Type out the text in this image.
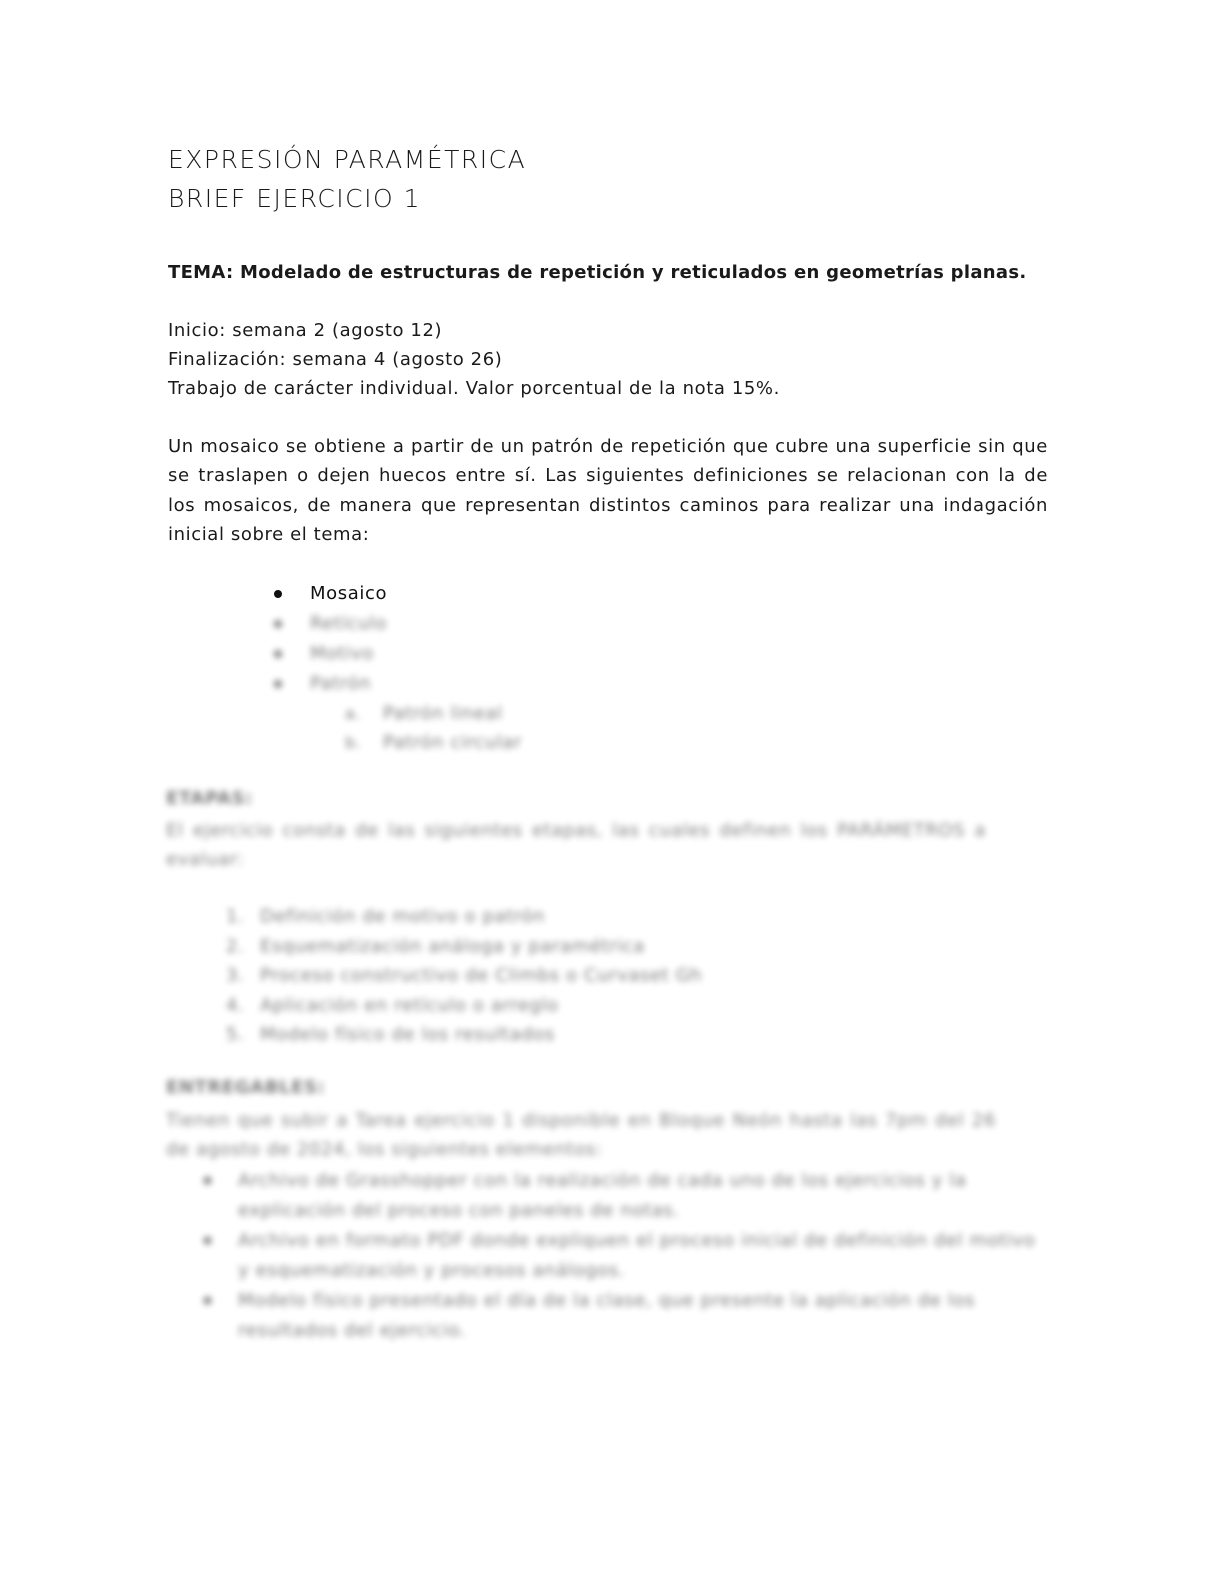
EXPRESIÓN PARAMÉTRICA
BRIEF EJERCICIO 1
TEMA: Modelado de estructuras de repetición y reticulados en geometrías planas.
Inicio: semana 2 (agosto 12)
Finalización: semana 4 (agosto 26)
Trabajo de carácter individual. Valor porcentual de la nota 15%.
Un mosaico se obtiene a partir de un patrón de repetición que cubre una superficie sin que se traslapen o dejen huecos entre sí. Las siguientes definiciones se relacionan con la de los mosaicos, de manera que representan distintos caminos para realizar una indagación inicial sobre el tema:
Mosaico
Retículo
Motivo
Patrón
a. Patrón lineal
b. Patrón circular
ETAPAS:
El ejercicio consta de las siguientes etapas, las cuales definen los PARÁMETROS a evaluar:
1. Definición de motivo o patrón
2. Esquematización análoga y paramétrica
3. Proceso constructivo de Climbs o Curvaset Gh
4. Aplicación en retículo o arreglo
5. Modelo físico de los resultados
ENTREGABLES:
Tienen que subir a Tarea ejercicio 1 disponible en Bloque Neón hasta las 7pm del 26 de agosto de 2024, los siguientes elementos:
Archivo de Grasshopper con la realización de cada uno de los ejercicios y la explicación del proceso con paneles de notas.
Archivo en formato PDF donde expliquen el proceso inicial de definición del motivo y esquematización y procesos análogos.
Modelo físico presentado el día de la clase, que presente la aplicación de los resultados del ejercicio.
